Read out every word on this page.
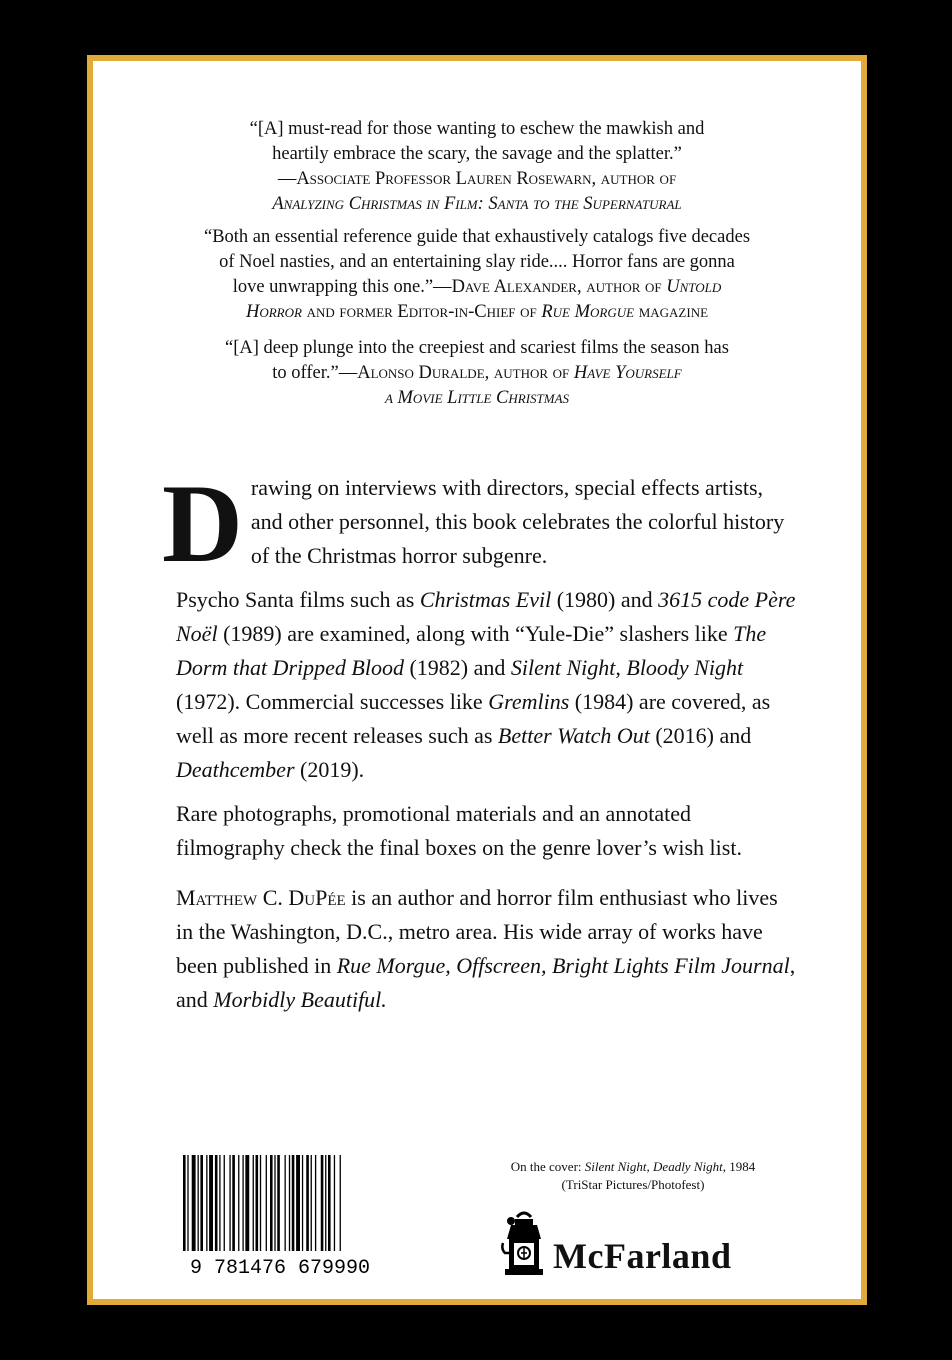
“[A] must-read for those wanting to eschew the mawkish and
heartily embrace the scary, the savage and the splatter.”
—Associate Professor Lauren Rosewarn, author of
Analyzing Christmas in Film: Santa to the Supernatural
“Both an essential reference guide that exhaustively catalogs five decades
of Noel nasties, and an entertaining slay ride.... Horror fans are gonna
love unwrapping this one.”—Dave Alexander, author of Untold
Horror and former Editor-in-Chief of Rue Morgue magazine
“[A] deep plunge into the creepiest and scariest films the season has
to offer.”—Alonso Duralde, author of Have Yourself
a Movie Little Christmas
Drawing on interviews with directors, special effects artists, and other personnel, this book celebrates the colorful history of the Christmas horror subgenre.
Psycho Santa films such as Christmas Evil (1980) and 3615 code Père Noël (1989) are examined, along with “Yule-Die” slashers like The Dorm that Dripped Blood (1982) and Silent Night, Bloody Night (1972). Commercial successes like Gremlins (1984) are covered, as well as more recent releases such as Better Watch Out (2016) and Deathcember (2019).
Rare photographs, promotional materials and an annotated filmography check the final boxes on the genre lover’s wish list.
Matthew C. DuPée is an author and horror film enthusiast who lives in the Washington, D.C., metro area. His wide array of works have been published in Rue Morgue, Offscreen, Bright Lights Film Journal, and Morbidly Beautiful.
9 781476 679990
On the cover: Silent Night, Deadly Night, 1984
(TriStar Pictures/Photofest)
McFarland
